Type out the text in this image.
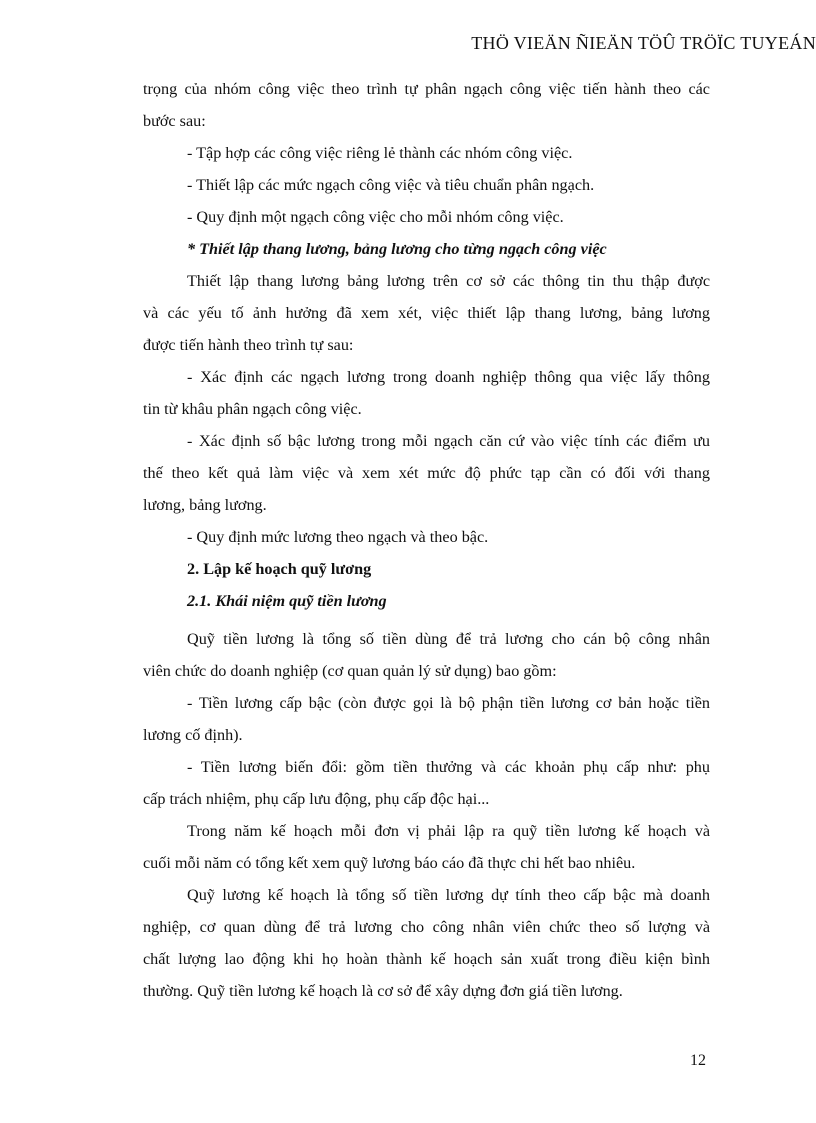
THÖ VIEÄN ÑIEÄN TÖÛ TRÖÏC TUYEÁN
trọng của nhóm công việc theo trình tự phân ngạch công việc tiến hành theo các
bước sau:
- Tập hợp các công việc riêng lẻ thành các nhóm công việc.
- Thiết lập các mức ngạch công việc và tiêu chuẩn phân ngạch.
- Quy định một ngạch công việc cho mỗi nhóm công việc.
* Thiết lập thang lương, bảng lương cho từng ngạch công việc
Thiết lập thang lương bảng lương trên cơ sở các thông tin thu thập được
và các yếu tố ảnh hưởng đã xem xét, việc thiết lập thang lương, bảng lương
được tiến hành theo trình tự sau:
- Xác định các ngạch lương trong doanh nghiệp thông qua việc lấy thông
tin từ khâu phân ngạch công việc.
- Xác định số bậc lương trong mỗi ngạch căn cứ vào việc tính các điểm ưu
thế theo kết quả làm việc và xem xét mức độ phức tạp cần có đối với thang
lương, bảng lương.
- Quy định mức lương theo ngạch và theo bậc.
2. Lập kế hoạch quỹ lương
2.1. Khái niệm quỹ tiền lương
Quỹ tiền lương là tổng số tiền dùng để trả lương cho cán bộ công nhân
viên chức do doanh nghiệp (cơ quan quản lý sử dụng) bao gồm:
- Tiền lương cấp bậc (còn được gọi là bộ phận tiền lương cơ bản hoặc tiền
lương cố định).
- Tiền lương biến đổi: gồm tiền thưởng và các khoản phụ cấp như: phụ
cấp trách nhiệm, phụ cấp lưu động, phụ cấp độc hại...
Trong năm kế hoạch mỗi đơn vị phải lập ra quỹ tiền lương kế hoạch và
cuối mỗi năm có tổng kết xem quỹ lương báo cáo đã thực chi hết bao nhiêu.
Quỹ lương kế hoạch là tổng số tiền lương dự tính theo cấp bậc mà doanh
nghiệp, cơ quan dùng để trả lương cho công nhân viên chức theo số lượng và
chất lượng lao động khi họ hoàn thành kế hoạch sản xuất trong điều kiện bình
thường. Quỹ tiền lương kế hoạch là cơ sở để xây dựng đơn giá tiền lương.
12
